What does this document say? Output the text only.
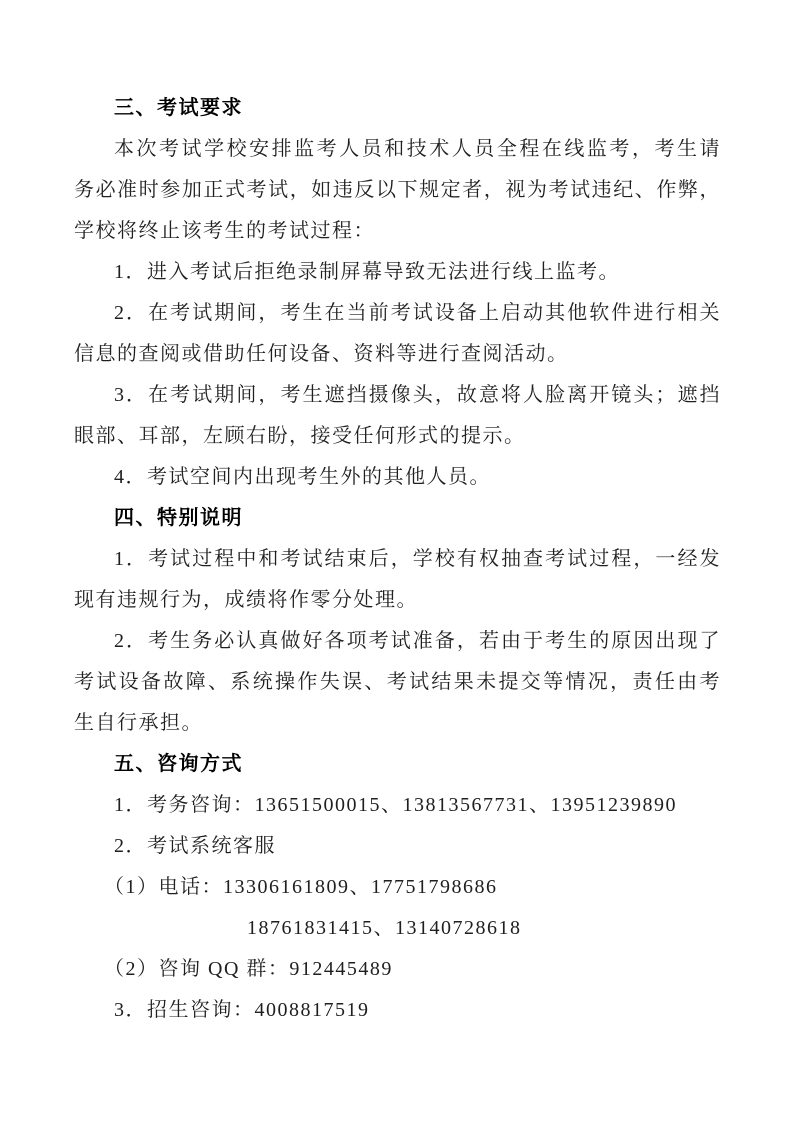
三、考试要求
本次考试学校安排监考人员和技术人员全程在线监考，考生请
务必准时参加正式考试，如违反以下规定者，视为考试违纪、作弊，
学校将终止该考生的考试过程：
1．进入考试后拒绝录制屏幕导致无法进行线上监考。
2．在考试期间，考生在当前考试设备上启动其他软件进行相关
信息的查阅或借助任何设备、资料等进行查阅活动。
3．在考试期间，考生遮挡摄像头，故意将人脸离开镜头；遮挡
眼部、耳部，左顾右盼，接受任何形式的提示。
4．考试空间内出现考生外的其他人员。
四、特别说明
1．考试过程中和考试结束后，学校有权抽查考试过程，一经发
现有违规行为，成绩将作零分处理。
2．考生务必认真做好各项考试准备，若由于考生的原因出现了
考试设备故障、系统操作失误、考试结果未提交等情况，责任由考
生自行承担。
五、咨询方式
1．考务咨询：13651500015、13813567731、13951239890
2．考试系统客服
（1）电话：13306161809、17751798686
18761831415、13140728618
（2）咨询 QQ 群：912445489
3．招生咨询：4008817519
